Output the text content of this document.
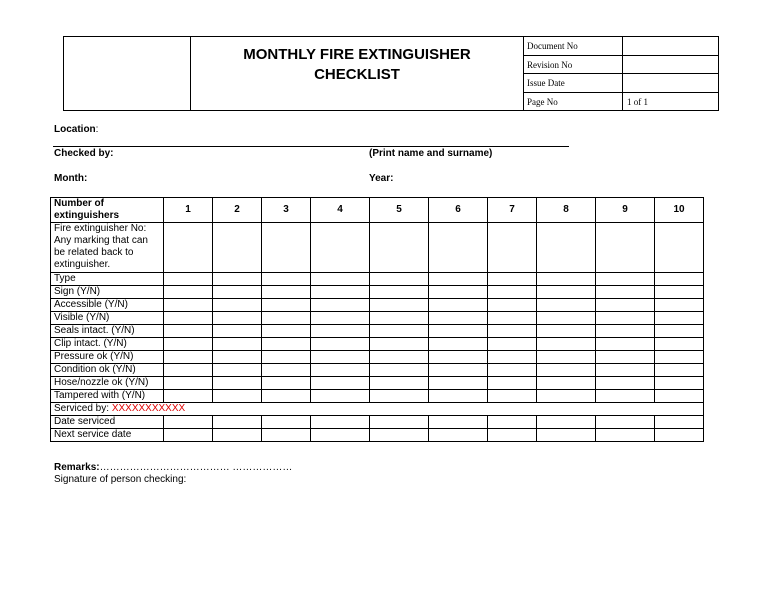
MONTHLY FIRE EXTINGUISHER
CHECKLIST
Document No
Revision No
Issue Date
Page No	1 of 1
Location:
Checked by:	(Print name and surname)
Month:	Year:
Number of extinguishers	1	2	3	4	5	6	7	8	9	10
Fire extinguisher No: Any marking that can be related back to extinguisher.										
Type										
Sign (Y/N)										
Accessible (Y/N)										
Visible (Y/N)										
Seals intact. (Y/N)										
Clip intact. (Y/N)										
Pressure ok (Y/N)										
Condition ok (Y/N)										
Hose/nozzle ok (Y/N)										
Tampered with (Y/N)										
Serviced by: XXXXXXXXXXX										
Date serviced										
Next service date										
Remarks:………………………………… ………………
Signature of person checking:
